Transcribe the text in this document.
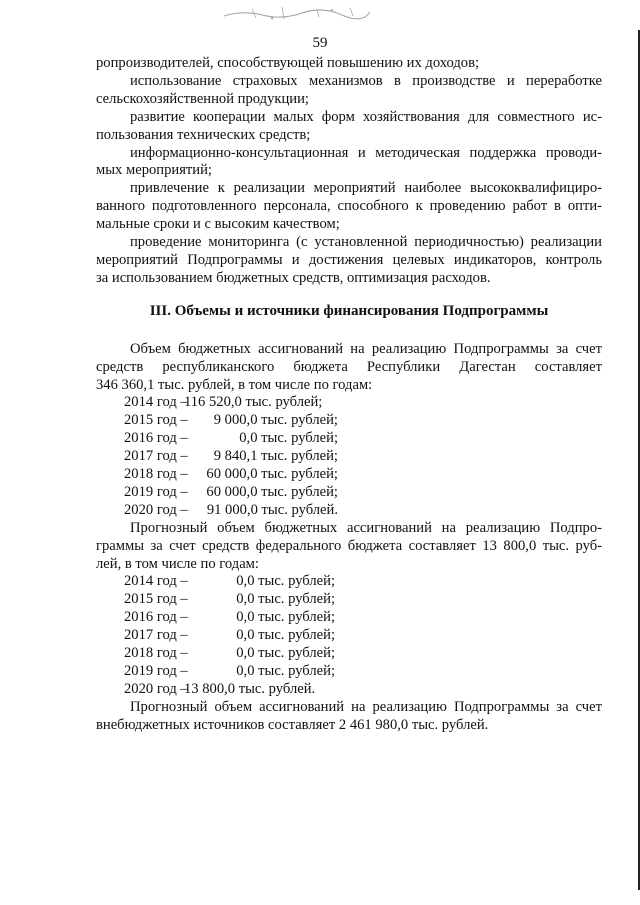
59
ропроизводителей, способствующей повышению их доходов;
использование страховых механизмов в производстве и переработке
сельскохозяйственной продукции;
развитие кооперации малых форм хозяйствования для совместного ис-
пользования технических средств;
информационно-консультационная и методическая поддержка проводи-
мых мероприятий;
привлечение к реализации мероприятий наиболее высококвалифициро-
ванного подготовленного персонала, способного к проведению работ в опти-
мальные сроки и с высоким качеством;
проведение мониторинга (с установленной периодичностью) реализации
мероприятий Подпрограммы и достижения целевых индикаторов, контроль
за использованием бюджетных средств, оптимизация расходов.
III. Объемы и источники финансирования Подпрограммы
Объем бюджетных ассигнований на реализацию Подпрограммы за счет
средств республиканского бюджета Республики Дагестан составляет
346 360,1 тыс. рублей, в том числе по годам:
2014 год –116 520,0 тыс. рублей;
2015 год – 9 000,0 тыс. рублей;
2016 год –	0,0 тыс. рублей;
2017 год – 9 840,1 тыс. рублей;
2018 год – 60 000,0 тыс. рублей;
2019 год – 60 000,0 тыс. рублей;
2020 год – 91 000,0 тыс. рублей.
Прогнозный объем бюджетных ассигнований на реализацию Подпро-
граммы за счет средств федерального бюджета составляет 13 800,0 тыс. руб-
лей, в том числе по годам:
2014 год –	0,0 тыс. рублей;
2015 год –	0,0 тыс. рублей;
2016 год –	0,0 тыс. рублей;
2017 год –	0,0 тыс. рублей;
2018 год –	0,0 тыс. рублей;
2019 год –	0,0 тыс. рублей;
2020 год –13 800,0 тыс. рублей.
Прогнозный объем ассигнований на реализацию Подпрограммы за счет
внебюджетных источников составляет 2 461 980,0 тыс. рублей.
